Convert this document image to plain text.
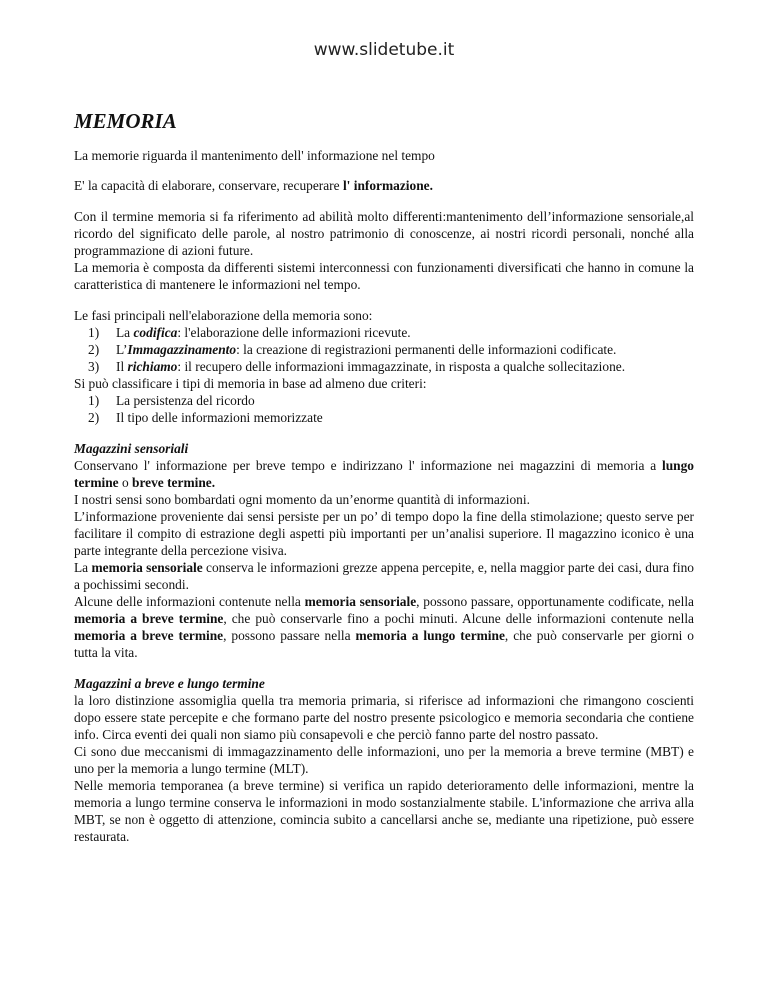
www.slidetube.it
MEMORIA

La memorie riguarda il mantenimento dell' informazione nel tempo

E' la capacità di elaborare, conservare, recuperare l' informazione.

Con il termine memoria si fa riferimento ad abilità molto differenti:mantenimento dell’informazione sensoriale,al ricordo del significato delle parole, al nostro patrimonio di conoscenze, ai nostri ricordi personali, nonché alla programmazione di azioni future.

La memoria è composta da differenti sistemi interconnessi con funzionamenti diversificati che hanno in comune la caratteristica di mantenere le informazioni nel tempo.

Le fasi principali nell'elaborazione della memoria sono:

1) La codifica: l'elaborazione delle informazioni ricevute.
2) L’Immagazzinamento: la creazione di registrazioni permanenti delle informazioni codificate.
3) Il richiamo: il recupero delle informazioni immagazzinate, in risposta a qualche sollecitazione.

Si può classificare i tipi di memoria in base ad almeno due criteri:

1) La persistenza del ricordo
2) Il tipo delle informazioni memorizzate

Magazzini sensoriali

Conservano l' informazione per breve tempo e indirizzano l' informazione nei magazzini di memoria a lungo termine o breve termine.

I nostri sensi sono bombardati ogni momento da un’enorme quantità di informazioni.

L’informazione proveniente dai sensi persiste per un po’ di tempo dopo la fine della stimolazione; questo serve per facilitare il compito di estrazione degli aspetti più importanti per un’analisi superiore. Il magazzino iconico è una parte integrante della percezione visiva.

La memoria sensoriale conserva le informazioni grezze appena percepite, e, nella maggior parte dei casi, dura fino a pochissimi secondi.

Alcune delle informazioni contenute nella memoria sensoriale, possono passare, opportunamente codificate, nella memoria a breve termine, che può conservarle fino a pochi minuti. Alcune delle informazioni contenute nella memoria a breve termine, possono passare nella memoria a lungo termine, che può conservarle per giorni o tutta la vita.

Magazzini a breve e lungo termine

la loro distinzione assomiglia quella tra memoria primaria, si riferisce ad informazioni che rimangono coscienti dopo essere state percepite e che formano parte del nostro presente psicologico e memoria secondaria che contiene info. Circa eventi dei quali non siamo più consapevoli e che perciò fanno parte del nostro passato.

Ci sono due meccanismi di immagazzinamento delle informazioni, uno per la memoria a breve termine (MBT) e uno per la memoria a lungo termine (MLT).

Nelle memoria temporanea (a breve termine) si verifica un rapido deterioramento delle informazioni, mentre la memoria a lungo termine conserva le informazioni in modo sostanzialmente stabile. L'informazione che arriva alla MBT, se non è oggetto di attenzione, comincia subito a cancellarsi anche se, mediante una ripetizione, può essere restaurata.
